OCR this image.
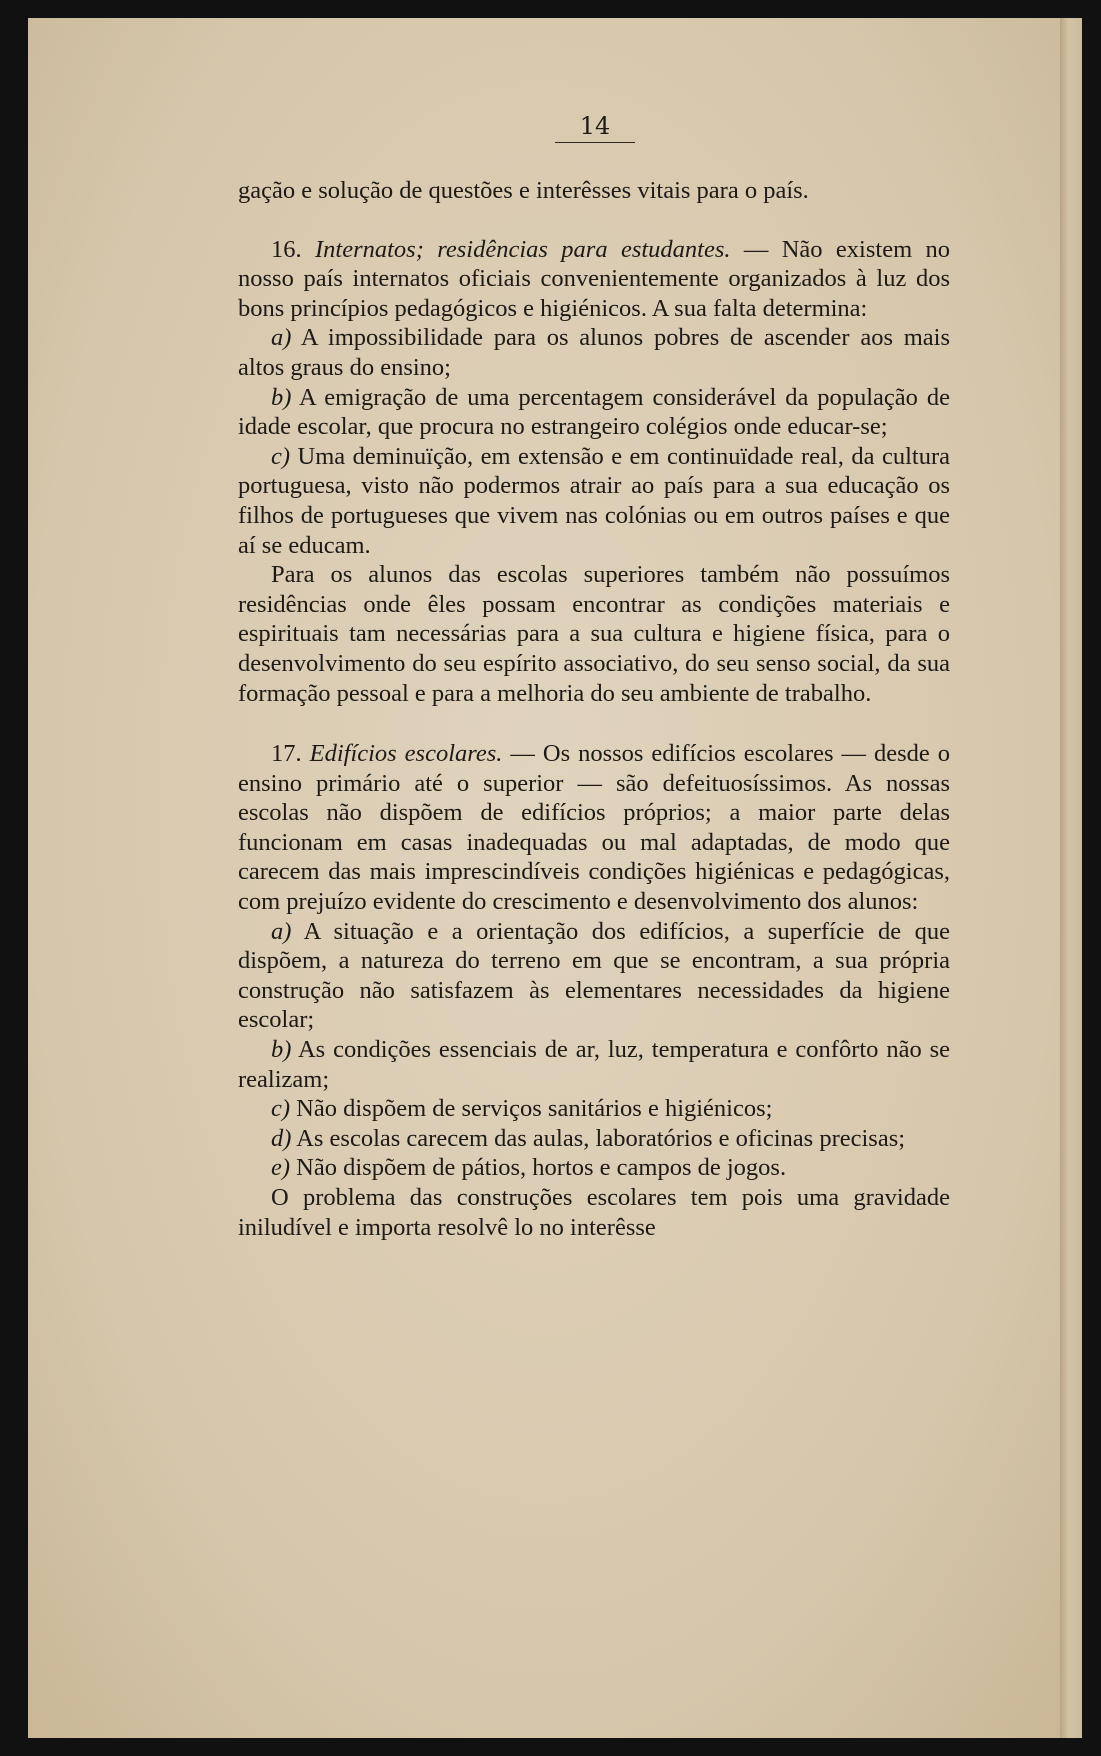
14

gação e solução de questões e interêsses vitais para o país.

16. Internatos; residências para estudantes. — Não existem no nosso país internatos oficiais convenientemente organizados à luz dos bons princípios pedagógicos e higiénicos. A sua falta determina:

a) A impossibilidade para os alunos pobres de ascender aos mais altos graus do ensino;

b) A emigração de uma percentagem considerável da população de idade escolar, que procura no estrangeiro colégios onde educar-se;

c) Uma deminuïção, em extensão e em continuïdade real, da cultura portuguesa, visto não podermos atrair ao país para a sua educação os filhos de portugueses que vivem nas colónias ou em outros países e que aí se educam.

Para os alunos das escolas superiores também não possuímos residências onde êles possam encontrar as condições materiais e espirituais tam necessárias para a sua cultura e higiene física, para o desenvolvimento do seu espírito associativo, do seu senso social, da sua formação pessoal e para a melhoria do seu ambiente de trabalho.

17. Edifícios escolares. — Os nossos edifícios escolares — desde o ensino primário até o superior — são defeituosíssimos. As nossas escolas não dispõem de edifícios próprios; a maior parte delas funcionam em casas inadequadas ou mal adaptadas, de modo que carecem das mais imprescindíveis condições higiénicas e pedagógicas, com prejuízo evidente do crescimento e desenvolvimento dos alunos:

a) A situação e a orientação dos edifícios, a superfície de que dispõem, a natureza do terreno em que se encontram, a sua própria construção não satisfazem às elementares necessidades da higiene escolar;

b) As condições essenciais de ar, luz, temperatura e confôrto não se realizam;

c) Não dispõem de serviços sanitários e higiénicos;

d) As escolas carecem das aulas, laboratórios e oficinas precisas;

e) Não dispõem de pátios, hortos e campos de jogos.

O problema das construções escolares tem pois uma gravidade iniludível e importa resolvê lo no interêsse
